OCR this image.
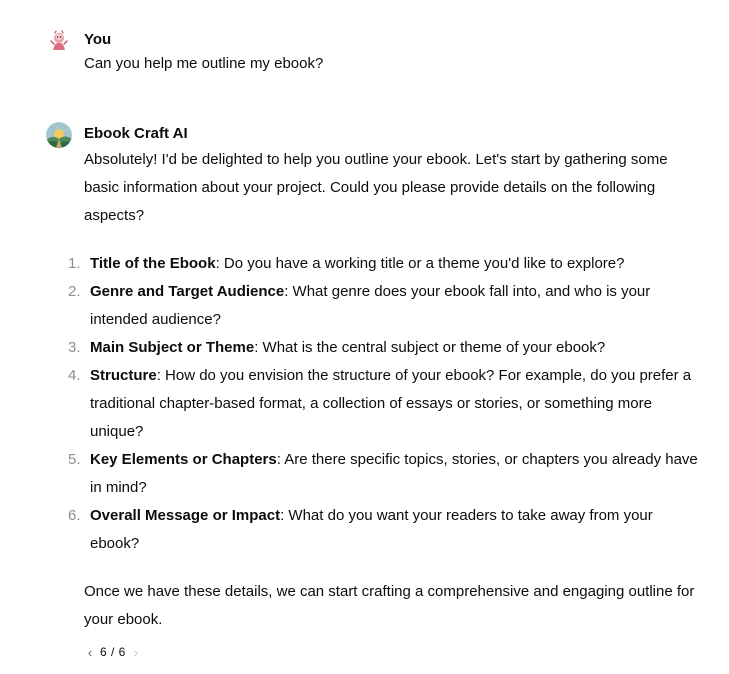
You

Can you help me outline my ebook?

Ebook Craft AI

Absolutely! I'd be delighted to help you outline your ebook. Let's start by gathering some basic information about your project. Could you please provide details on the following aspects?

1. Title of the Ebook: Do you have a working title or a theme you'd like to explore?
2. Genre and Target Audience: What genre does your ebook fall into, and who is your intended audience?
3. Main Subject or Theme: What is the central subject or theme of your ebook?
4. Structure: How do you envision the structure of your ebook? For example, do you prefer a traditional chapter-based format, a collection of essays or stories, or something more unique?
5. Key Elements or Chapters: Are there specific topics, stories, or chapters you already have in mind?
6. Overall Message or Impact: What do you want your readers to take away from your ebook?

Once we have these details, we can start crafting a comprehensive and engaging outline for your ebook.

‹ 6 / 6 ›
